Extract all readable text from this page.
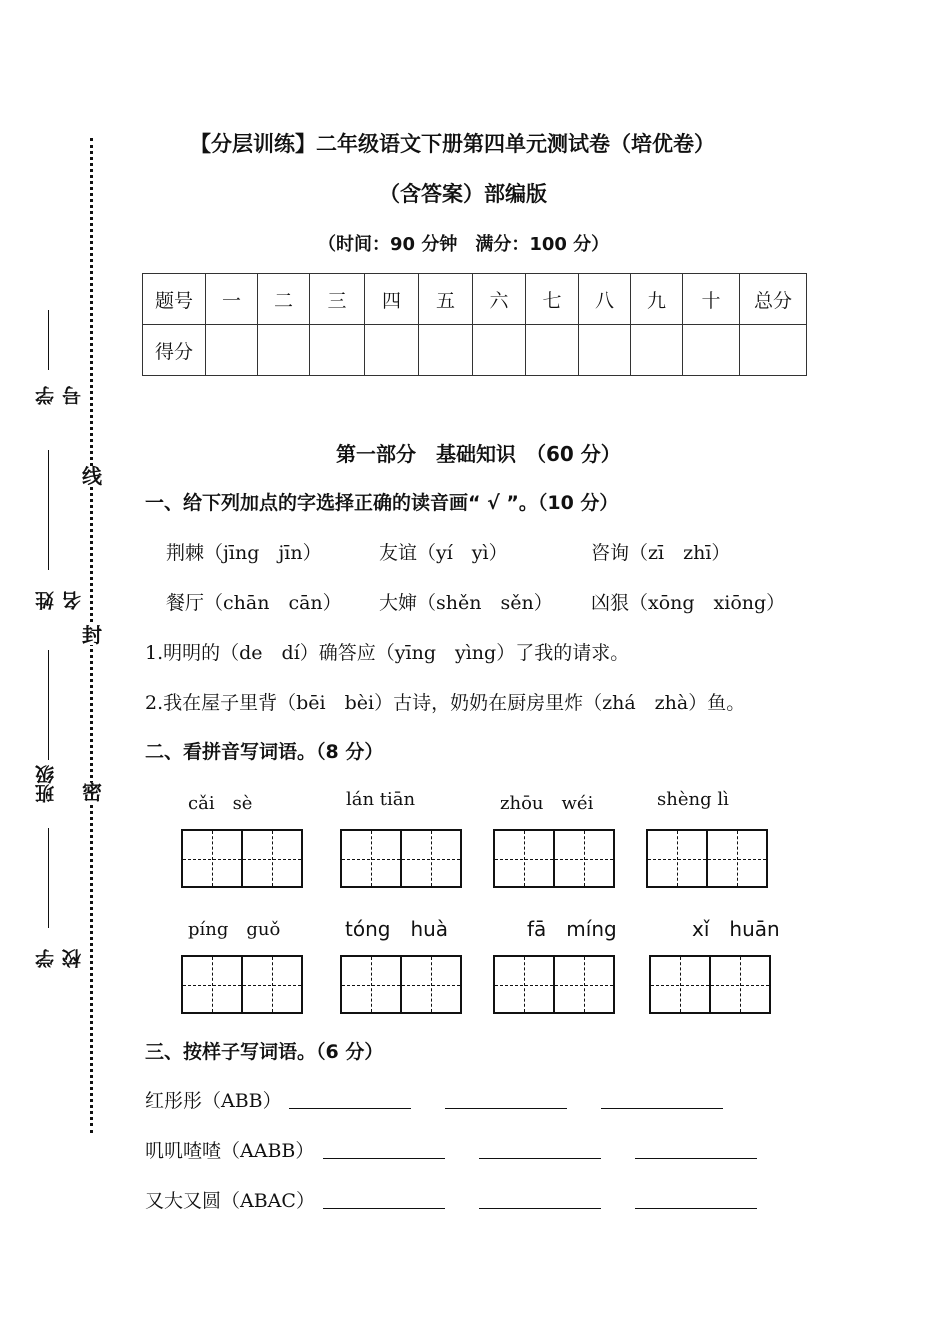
线
封
密
学号
姓名
班级
学校
【分层训练】二年级语文下册第四单元测试卷（培优卷）
（含答案）部编版
（时间：90 分钟　满分：100 分）
题号	一	二	三	四	五	六	七	八	九	十	总分
得分											
第一部分　基础知识　（60 分）
一、给下列加点的字选择正确的读音画“ √ ”。（10 分）
荆棘（jīng　jīn）	友谊（yí　yì）	咨询（zī　zhī）
餐厅（chān　cān） 大婶（shěn　sěn） 凶狠（xōng　xiōng）
1.明明的（de　dí）确答应（yīng　yìng）了我的请求。
2.我在屋子里背（bēi　bèi）古诗，奶奶在厨房里炸（zhá　zhà）鱼。
二、看拼音写词语。（8 分）
cǎi　sè	lán tiān	zhōu　wéi	shèng lì
píng　guǒ	tóng　huà	fā　míng	xǐ　huān
三、按样子写词语。（6 分）
红彤彤（ABB）
叽叽喳喳（AABB）
又大又圆（ABAC）
